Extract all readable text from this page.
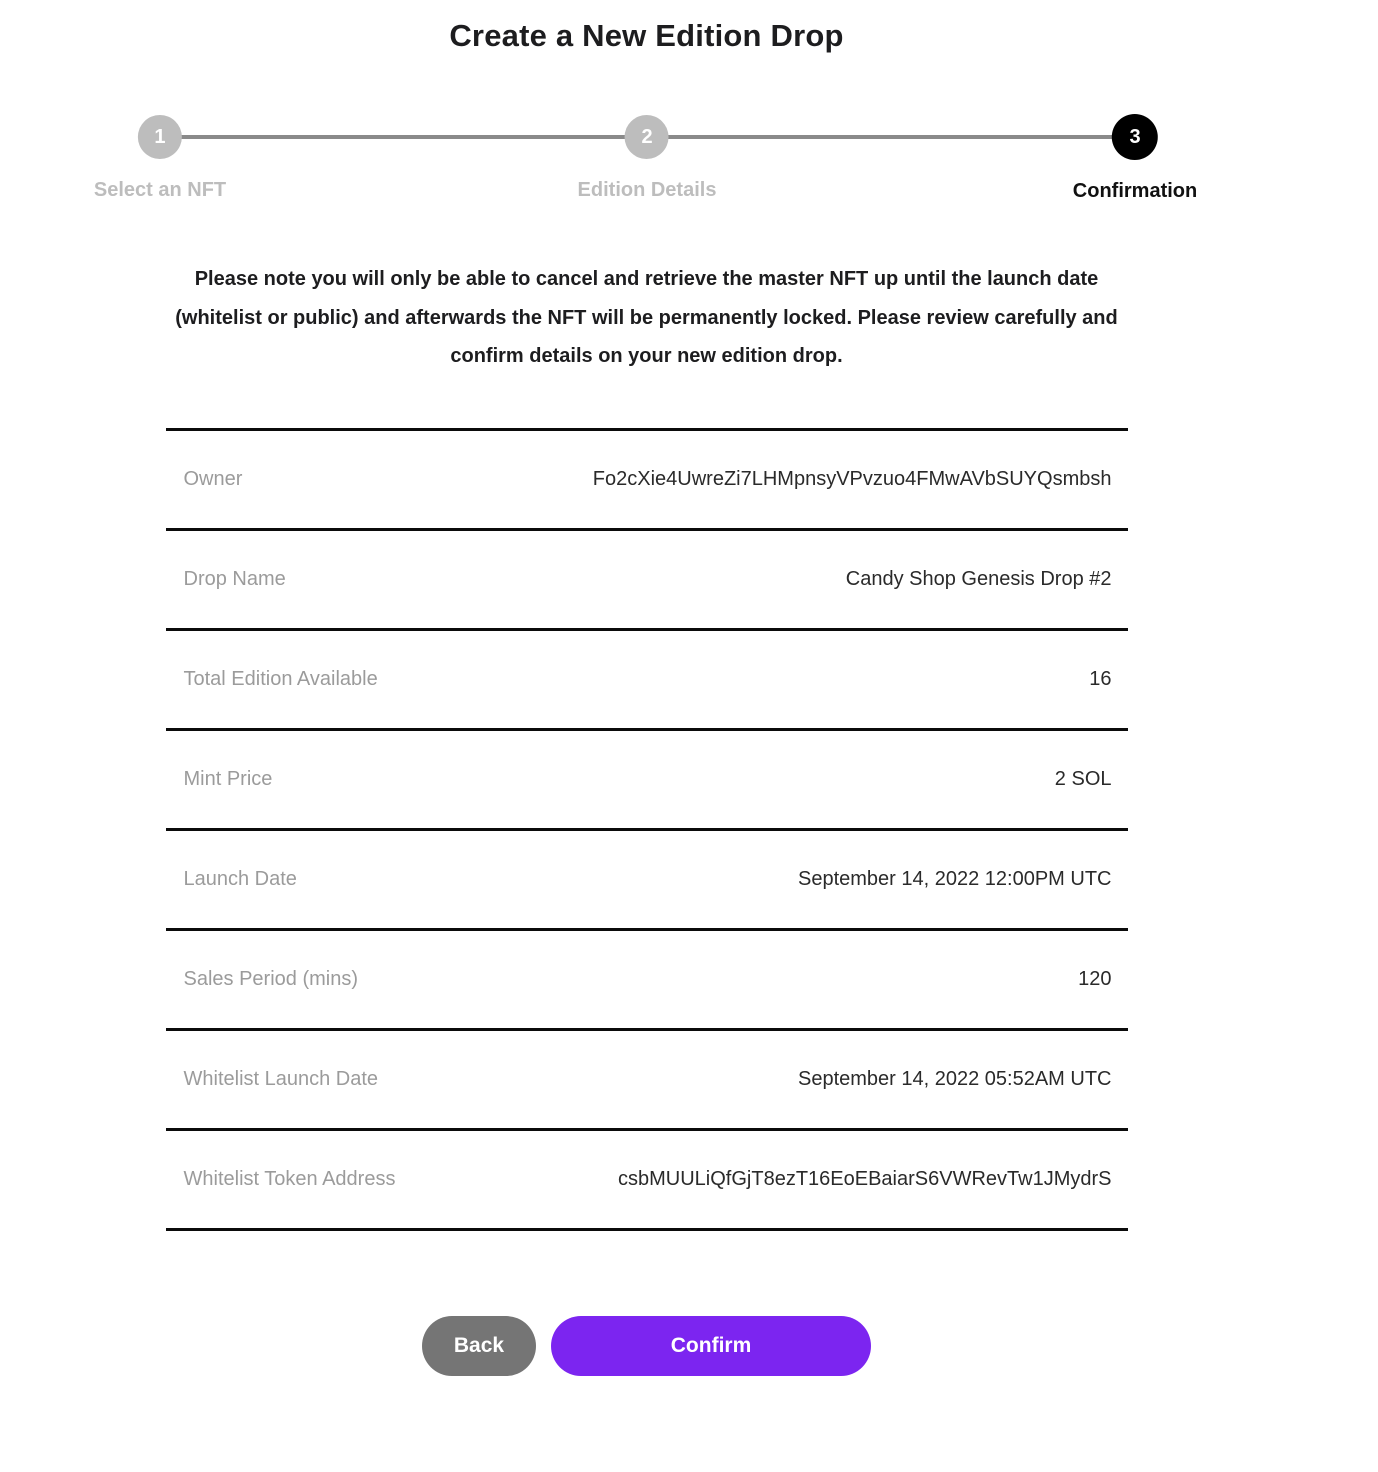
Create a New Edition Drop
1
Select an NFT
2
Edition Details
3
Confirmation

Please note you will only be able to cancel and retrieve the master NFT up until the launch date (whitelist or public) and afterwards the NFT will be permanently locked. Please review carefully and confirm details on your new edition drop.

Owner	Fo2cXie4UwreZi7LHMpnsyVPvzuo4FMwAVbSUYQsmbsh
Drop Name	Candy Shop Genesis Drop #2
Total Edition Available	16
Mint Price	2 SOL
Launch Date	September 14, 2022 12:00PM UTC
Sales Period (mins)	120
Whitelist Launch Date	September 14, 2022 05:52AM UTC
Whitelist Token Address	csbMUULiQfGjT8ezT16EoEBaiarS6VWRevTw1JMydrS
Back	Confirm
